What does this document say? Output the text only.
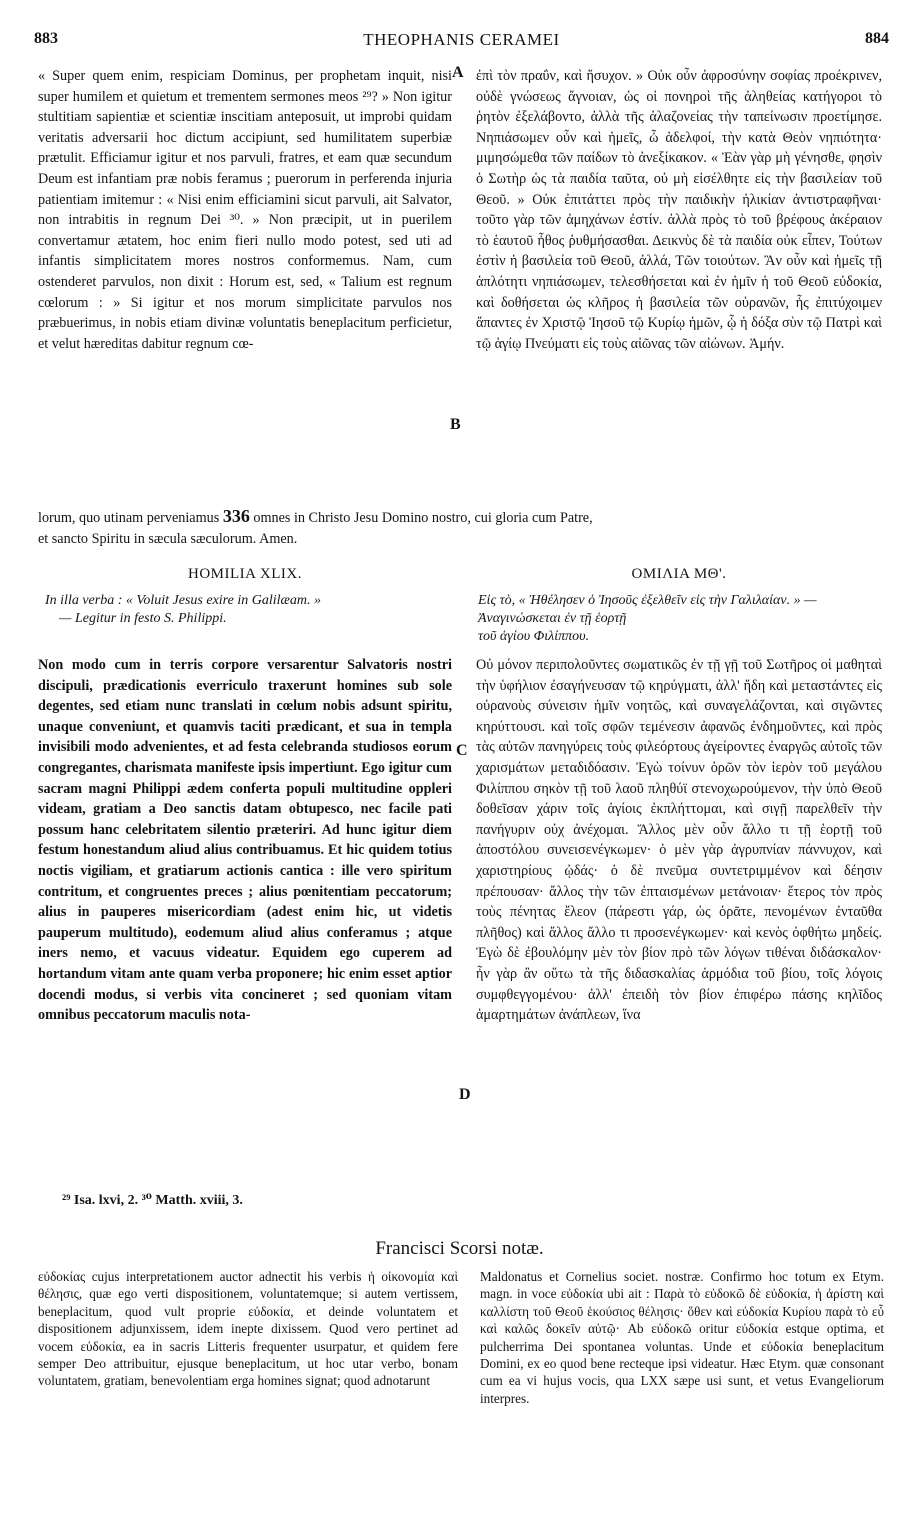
883	THEOPHANIS CERAMEI	884
A
B
C
D
« Super quem enim, respiciam Dominus, per prophetam inquit, nisi super humilem et quietum et trementem sermones meos ²⁹? » Non igitur stultitiam sapientiæ et scientiæ inscitiam anteposuit, ut improbi quidam veritatis adversarii hoc dictum accipiunt, sed humilitatem superbiæ prætulit. Efficiamur igitur et nos parvuli, fratres, et eam quæ secundum Deum est infantiam præ nobis feramus ; puerorum in perferenda injuria patientiam imitemur : « Nisi enim efficiamini sicut parvuli, ait Salvator, non intrabitis in regnum Dei ³⁰. » Non præcipit, ut in puerilem convertamur ætatem, hoc enim fieri nullo modo potest, sed uti ad infantis simplicitatem mores nostros conformemus. Nam, cum ostenderet parvulos, non dixit : Horum est, sed, « Talium est regnum cœlorum : » Si igitur et nos morum simplicitate parvulos nos præbuerimus, in nobis etiam divinæ voluntatis beneplacitum perficietur, et velut hæreditas dabitur regnum cœ-
ἐπὶ τὸν πραΰν, καὶ ἥσυχον. » Οὐκ οὖν ἀφροσύνην σοφίας προέκρινεν, οὐδὲ γνώσεως ἄγνοιαν, ὡς οἱ πονηροὶ τῆς ἀληθείας κατήγοροι τὸ ῥητὸν ἐξελάβοντο, ἀλλὰ τῆς ἀλαζονείας τὴν ταπείνωσιν προετίμησε. Νηπιάσωμεν οὖν καὶ ἡμεῖς, ὦ ἀδελφοί, τὴν κατὰ Θεὸν νηπιότητα· μιμησώμεθα τῶν παίδων τὸ ἀνεξίκακον. « Ἐὰν γὰρ μὴ γένησθε, φησὶν ὁ Σωτὴρ ὡς τὰ παιδία ταῦτα, οὐ μὴ εἰσέλθητε εἰς τὴν βασιλείαν τοῦ Θεοῦ. » Οὐκ ἐπιτάττει πρὸς τὴν παιδικὴν ἡλικίαν ἀντιστραφῆναι· τοῦτο γὰρ τῶν ἀμηχάνων ἐστίν. ἀλλὰ πρὸς τὸ τοῦ βρέφους ἀκέραιον τὸ ἑαυτοῦ ἦθος ῥυθμήσασθαι. Δεικνὺς δὲ τὰ παιδία οὐκ εἶπεν, Τούτων ἐστὶν ἡ βασιλεία τοῦ Θεοῦ, ἀλλά, Τῶν τοιούτων. Ἂν οὖν καὶ ἡμεῖς τῇ ἁπλότητι νηπιάσωμεν, τελεσθήσεται καὶ ἐν ἡμῖν ἡ τοῦ Θεοῦ εὐδοκία, καὶ δοθήσεται ὡς κλῆρος ἡ βασιλεία τῶν οὐρανῶν, ἧς ἐπιτύχοιμεν ἅπαντες ἐν Χριστῷ Ἰησοῦ τῷ Κυρίῳ ἡμῶν, ᾧ ἡ δόξα σὺν τῷ Πατρὶ καὶ τῷ ἁγίῳ Πνεύματι εἰς τοὺς αἰῶνας τῶν αἰώνων. Ἀμήν.
lorum, quo utinam perveniamus 336 omnes in Christo Jesu Domino nostro, cui gloria cum Patre,
et sancto Spiritu in sæcula sæculorum. Amen.
HOMILIA XLIX.
In illa verba : « Voluit Jesus exire in Galilæam. »
— Legitur in festo S. Philippi.
ΟΜΙΛΙΑ ΜΘ'.
Εἰς τὸ, « Ἠθέλησεν ὁ Ἰησοῦς ἐξελθεῖν εἰς τὴν Γαλιλαίαν. » — Ἀναγινώσκεται ἐν τῇ ἑορτῇ
τοῦ ἁγίου Φιλίππου.
Non modo cum in terris corpore versarentur Salvatoris nostri discipuli, prædicationis everriculo traxerunt homines sub sole degentes, sed etiam nunc translati in cœlum nobis adsunt spiritu, unaque conveniunt, et quamvis taciti prædicant, et sua in templa invisibili modo advenientes, et ad festa celebranda studiosos eorum congregantes, charismata manifeste ipsis impertiunt. Ego igitur cum sacram magni Philippi ædem conferta populi multitudine oppleri videam, gratiam a Deo sanctis datam obtupesco, nec facile pati possum hanc celebritatem silentio præteriri. Ad hunc igitur diem festum honestandum aliud alius contribuamus. Et hic quidem totius noctis vigiliam, et gratiarum actionis cantica : ille vero spiritum contritum, et congruentes preces ; alius pœnitentiam peccatorum; alius in pauperes misericordiam (adest enim hic, ut videtis pauperum multitudo), eodemum aliud alius conferamus ; atque iners nemo, et vacuus videatur. Equidem ego cuperem ad hortandum vitam ante quam verba proponere; hic enim esset aptior docendi modus, si verbis vita concineret ; sed quoniam vitam omnibus peccatorum maculis nota-
Οὐ μόνον περιπολοῦντες σωματικῶς ἐν τῇ γῇ τοῦ Σωτῆρος οἱ μαθηταὶ τὴν ὑφήλιον ἐσαγήνευσαν τῷ κηρύγματι, ἀλλ' ἤδη καὶ μεταστάντες εἰς οὐρανοὺς σύνεισιν ἡμῖν νοητῶς, καὶ συναγελάζονται, καὶ σιγῶντες κηρύττουσι. καὶ τοῖς σφῶν τεμένεσιν ἀφανῶς ἐνδημοῦντες, καὶ πρὸς τὰς αὐτῶν πανηγύρεις τοὺς φιλεόρτους ἀγείροντες ἐναργῶς αὐτοῖς τῶν χαρισμάτων μεταδιδόασιν. Ἐγὼ τοίνυν ὁρῶν τὸν ἱερὸν τοῦ μεγάλου Φιλίππου σηκὸν τῇ τοῦ λαοῦ πληθύϊ στενοχωρούμενον, τὴν ὑπὸ Θεοῦ δοθεῖσαν χάριν τοῖς ἁγίοις ἐκπλήττομαι, καὶ σιγῇ παρελθεῖν τὴν πανήγυριν οὐχ ἀνέχομαι. Ἄλλος μὲν οὖν ἄλλο τι τῇ ἑορτῇ τοῦ ἀποστόλου συνεισενέγκωμεν· ὁ μὲν γὰρ ἀγρυπνίαν πάννυχον, καὶ χαριστηρίους ᾠδάς· ὁ δὲ πνεῦμα συντετριμμένον καὶ δέησιν πρέπουσαν· ἄλλος τὴν τῶν ἐπταισμένων μετάνοιαν· ἕτερος τὸν πρὸς τοὺς πένητας ἔλεον (πάρεστι γάρ, ὡς ὁρᾶτε, πενομένων ἐνταῦθα πλῆθος) καὶ ἄλλος ἄλλο τι προσενέγκωμεν· καὶ κενὸς ὀφθήτω μηδείς. Ἐγὼ δὲ ἐβουλόμην μὲν τὸν βίον πρὸ τῶν λόγων τιθέναι διδάσκαλον· ἦν γὰρ ἂν οὕτω τὰ τῆς διδασκαλίας ἁρμόδια τοῦ βίου, τοῖς λόγοις συμφθεγγομένου· ἀλλ' ἐπειδὴ τὸν βίον ἐπιφέρω πάσης κηλῖδος ἁμαρτημάτων ἀνάπλεων, ἵνα
²⁹ Isa. lxvi, 2. ³⁰ Matth. xviii, 3.
Francisci Scorsi notæ.
εὐδοκίας cujus interpretationem auctor adnectit his verbis ἡ οἰκονομία καὶ θέλησις, quæ ego verti dispositionem, voluntatemque; si autem vertissem, beneplacitum, quod vult proprie εὐδοκία, et deinde voluntatem et dispositionem adjunxissem, idem inepte dixissem. Quod vero pertinet ad vocem εὐδοκία, ea in sacris Litteris frequenter usurpatur, et quidem fere semper Deo attribuitur, ejusque beneplacitum, ut hoc utar verbo, bonam voluntatem, gratiam, benevolentiam erga homines signat; quod adnotarunt
Maldonatus et Cornelius societ. nostræ. Confirmo hoc totum ex Etym. magn. in voce εὐδοκία ubi ait : Παρὰ τὸ εὐδοκῶ δὲ εὐδοκία, ἡ ἀρίστη καὶ καλλίστη τοῦ Θεοῦ ἑκούσιος θέλησις· ὅθεν καὶ εὐδοκία Κυρίου παρὰ τὸ εὖ καὶ καλῶς δοκεῖν αὐτῷ· Ab εὐδοκῶ oritur εὐδοκία estque optima, et pulcherrima Dei spontanea voluntas. Unde et εὐδοκία beneplacitum Domini, ex eo quod bene recteque ipsi videatur. Hæc Etym. quæ consonant cum ea vi hujus vocis, qua LXX sæpe usi sunt, et vetus Evangeliorum interpres.
